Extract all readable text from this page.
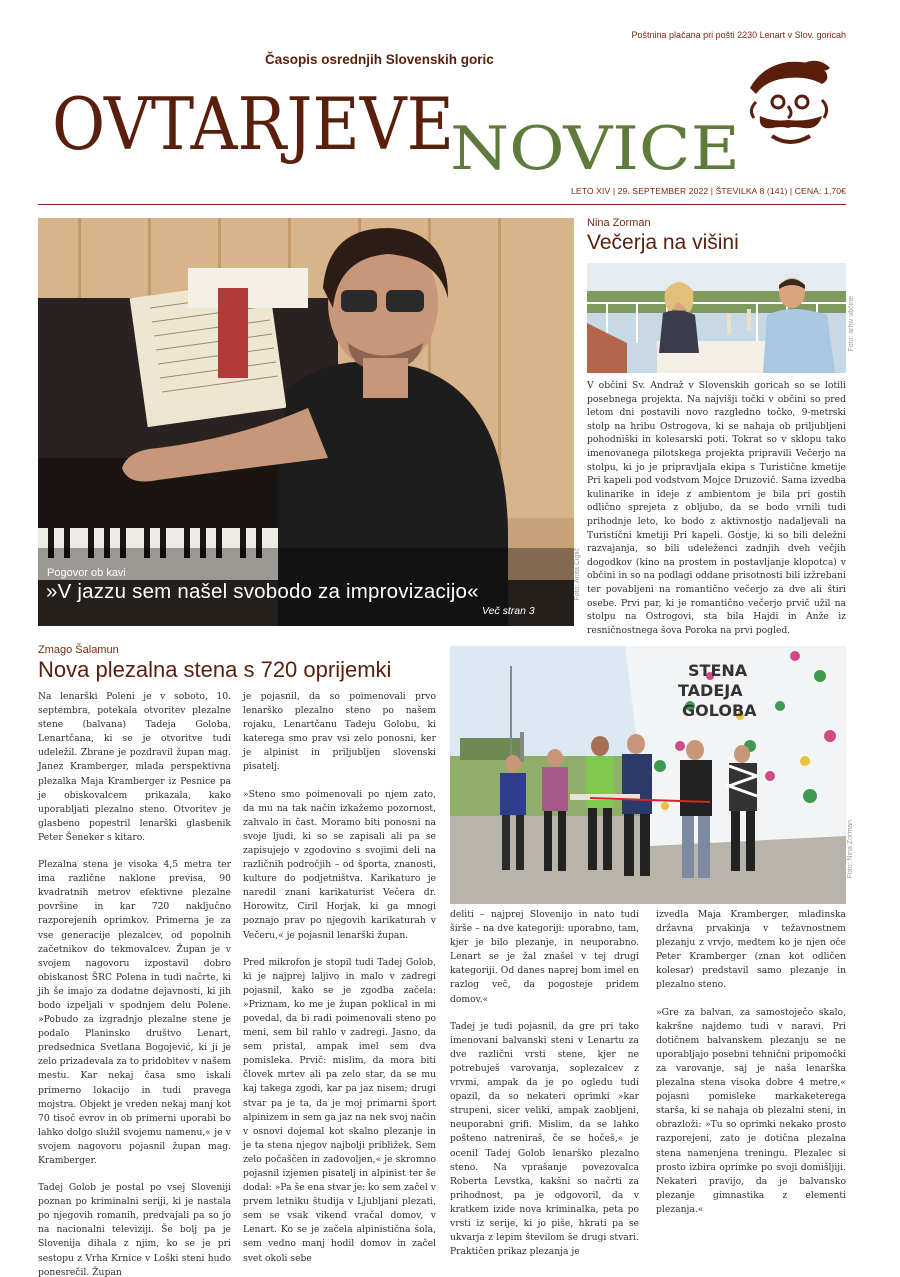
Poštnina plačana pri pošti 2230 Lenart v Slov. goricah
OVTARJEVE
NOVICE
Časopis osrednjih Slovenskih goric
LETO XIV | 29. SEPTEMBER 2022 | ŠTEVILKA 8 (141) | CENA: 1,70€
Pogovor ob kavi
»V jazzu sem našel svobodo za improvizacijo«
Več stran 3
Foto: Anita Ciglič
Nina Zorman
Večerja na višini
Foto: arhiv občine

V občini Sv. Andraž v Slovenskih goricah so se lotili posebnega projekta. Na najvišji točki v občini so pred letom dni postavili novo razgledno točko, 9-metrski stolp na hribu Ostrogova, ki se nahaja ob priljubljeni pohodniški in kolesarski poti. Tokrat so v sklopu tako imenovanega pilotskega projekta pripravili Večerjo na stolpu, ki jo je pripravljala ekipa s Turistične kmetije Pri kapeli pod vodstvom Mojce Druzovič. Sama izvedba kulinarike in ideje z ambientom je bila pri gostih odlično sprejeta z obljubo, da se bodo vrnili tudi prihodnje leto, ko bodo z aktivnostjo nadaljevali na Turistični kmetiji Pri kapeli. Gostje, ki so bili deležni razvajanja, so bili udeleženci zadnjih dveh večjih dogodkov (kino na prostem in postavljanje klopotca) v občini in so na podlagi oddane prisotnosti bili izžrebani ter povabljeni na romantično večerjo za dve ali štiri osebe. Prvi par, ki je romantično večerjo prvič užil na stolpu na Ostrogovi, sta bila Hajdi in Anže iz resničnostnega šova Poroka na prvi pogled.

Zmago Šalamun
Nova plezalna stena s 720 oprijemki	STENA
TADEJA
GOLOBA
Foto: Nina Zorman

Na lenarški Poleni je v soboto, 10. septembra, potekala otvoritev plezalne stene (balvana) Tadeja Goloba, Lenartčana, ki se je otvoritve tudi udeležil. Zbrane je pozdravil župan mag. Janez Kramberger, mlada perspektivna plezalka Maja Kramberger iz Pesnice pa je obiskovalcem prikazala, kako uporabljati plezalno steno. Otvoritev je glasbeno popestril lenarški glasbenik Peter Šeneker s kitaro.

Plezalna stena je visoka 4,5 metra ter ima različne naklone previsa, 90 kvadratnih metrov efektivne plezalne površine in kar 720 naključno razporejenih oprimkov. Primerna je za vse generacije plezalcev, od popolnih začetnikov do tekmovalcev. Župan je v svojem nagovoru izpostavil dobro obiskanost ŠRC Polena in tudi načrte, ki jih še imajo za dodatne dejavnosti, ki jih bodo izpeljali v spodnjem delu Polene. »Pobudo za izgradnjo plezalne stene je podalo Planinsko društvo Lenart, predsednica Svetlana Bogojević, ki ji je zelo prizadevala za to pridobitev v našem mestu. Kar nekaj časa smo iskali primerno lokacijo in tudi pravega mojstra. Objekt je vreden nekaj manj kot 70 tisoč evrov in ob primerni uporabi bo lahko dolgo služil svojemu namenu,« je v svojem nagovoru pojasnil župan mag. Kramberger.

Tadej Golob je postal po vsej Sloveniji poznan po kriminalni seriji, ki je nastala po njegovih romanih, predvajali pa so jo na nacionalni televiziji. Še bolj pa je Slovenija dihala z njim, ko se je pri sestopu z Vrha Krnice v Loški steni hudo ponesrečil. Župan

je pojasnil, da so poimenovali prvo lenarško plezalno steno po našem rojaku, Lenartčanu Tadeju Golobu, ki katerega smo prav vsi zelo ponosni, ker je alpinist in priljubljen slovenski pisatelj.

»Steno smo poimenovali po njem zato, da mu na tak način izkažemo pozornost, zahvalo in čast. Moramo biti ponosni na svoje ljudi, ki so se zapisali ali pa se zapisujejo v zgodovino s svojimi deli na različnih področjih – od športa, znanosti, kulture do podjetništva. Karikaturo je naredil znani karikaturist Večera dr. Horowitz, Ciril Horjak, ki ga mnogi poznajo prav po njegovih karikaturah v Večeru,« je pojasnil lenarški župan.

Pred mikrofon je stopil tudi Tadej Golob, ki je najprej laljivo in malo v zadregi pojasnil, kako se je zgodba začela: »Priznam, ko me je župan poklical in mi povedal, da bi radi poimenovali steno po meni, sem bil rahlo v zadregi. Jasno, da sem pristal, ampak imel sem dva pomisleka. Prvič: mislim, da mora biti človek mrtev ali pa zelo star, da se mu kaj takega zgodi, kar pa jaz nisem; drugi stvar pa je ta, da je moj primarni šport alpinizem in sem ga jaz na nek svoj način v osnovi dojemal kot skalno plezanje in je ta stena njegov najbolji približek. Sem zelo počaščen in zadovoljen,« je skromno pojasnil izjemen pisatelj in alpinist ter še dodal: »Pa še ena stvar je: ko sem začel v prvem letniku študija v Ljubljani plezati, sem se vsak vikend vračal domov, v Lenart. Ko se je začela alpinistična šola, sem vedno manj hodil domov in začel svet okoli sebe

deliti – najprej Slovenijo in nato tudi širše – na dve kategoriji: uporabno, tam, kjer je bilo plezanje, in neuporabno. Lenart se je žal znašel v tej drugi kategoriji. Od danes naprej bom imel en razlog več, da pogosteje pridem domov.«

Tadej je tudi pojasnil, da gre pri tako imenovani balvanski steni v Lenartu za dve različni vrsti stene, kjer ne potrebuješ varovanja, soplezalcev z vrvmi, ampak da je po ogledu tudi opazil, da so nekateri oprimki »kar strupeni, sicer veliki, ampak zaobljeni, neuporabni grifi. Mislim, da se lahko pošteno natreniraš, če se hočeš,« je ocenil Tadej Golob lenarško plezalno steno. Na vprašanje povezovalca Roberta Levstka, kakšni so načrti za prihodnost, pa je odgovoril, da v kratkem izide nova kriminalka, peta po vrsti iz serije, ki jo piše, hkrati pa se ukvarja z lepim številom še drugi stvari. Praktičen prikaz plezanja je

izvedla Maja Kramberger, mladinska državna prvakinja v težavnostnem plezanju z vrvjo, medtem ko je njen oče Peter Kramberger (znan kot odličen kolesar) predstavil samo plezanje in plezalno steno.

»Gre za balvan, za samostoječo skalo, kakršne najdemo tudi v naravi. Pri dotičnem balvanskem plezanju se ne uporabljajo posebni tehnični pripomočki za varovanje, saj je naša lenarška plezalna stena visoka dobre 4 metre,« pojasni pomisleke markaketerega starša, ki se nahaja ob plezalni steni, in obrazloži: »Tu so oprimki nekako prosto razporejeni, zato je dotična plezalna stena namenjena treningu. Plezalec si prosto izbira oprimke po svoji domišljiji. Nekateri pravijo, da je balvansko plezanje gimnastika z elementi plezanja.«
